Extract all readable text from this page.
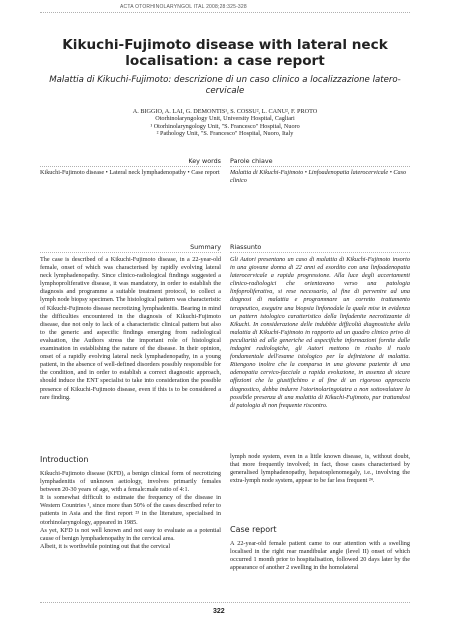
ACTA OTORHINOLARYNGOL ITAL 2008;28:325-328
Kikuchi-Fujimoto disease with lateral neck localisation: a case report
Malattia di Kikuchi-Fujimoto: descrizione di un caso clinico a localizzazione latero-cervicale
A. BIGGIO, A. LAI, G. DEMONTIS¹, S. COSSU², L. CANU², F. PROTO
Otorhinolaryngology Unit, University Hospital, Cagliari
¹ Otorhinolaryngology Unit, "S. Francesco" Hospital, Nuoro
² Pathology Unit, "S. Francesco" Hospital, Nuoro, Italy
Key words
Kikuchi-Fujimoto disease • Lateral neck lymphadenopathy • Case report
Parole chiave
Malattia di Kikuchi-Fujimoto • Linfoadenopatia laterocervicale • Caso clinico
Summary

The case is described of a Kikuchi-Fujimoto disease, in a 22-year-old female, onset of which was characterised by rapidly evolving lateral neck lymphadenopathy. Since clinico-radiological findings suggested a lymphoproliferative disease, it was mandatory, in order to establish the diagnosis and programme a suitable treatment protocol, to collect a lymph node biopsy specimen. The histological pattern was characteristic of Kikuchi-Fujimoto disease necrotizing lymphadenitis. Bearing in mind the difficulties encountered in the diagnosis of Kikuchi-Fujimoto disease, due not only to lack of a characteristic clinical pattern but also to the generic and aspecific findings emerging from radiological evaluation, the Authors stress the important role of histological examination in establishing the nature of the disease. In their opinion, onset of a rapidly evolving lateral neck lymphadenopathy, in a young patient, in the absence of well-defined disorders possibly responsible for the condition, and in order to establish a correct diagnostic approach, should induce the ENT specialist to take into consideration the possible presence of Kikuchi-Fujimoto disease, even if this is to be considered a rare finding.

Riassunto

Gli Autori presentano un caso di malattia di Kikuchi-Fujimoto insorto in una giovane donna di 22 anni ed esordito con una linfoadenopatia laterocervicale a rapida progressione. Alla luce degli accertamenti clinico-radiologici che orientavano verso una patologia linfoproliferativa, si rese necessario, al fine di pervenire ad una diagnosi di malattia e programmare un corretto trattamento terapeutico, eseguire una biopsia linfonodale la quale mise in evidenza un pattern istologico caratteristico della linfadenite necrotizzante di Kikuchi. In considerazione delle indubbie difficoltà diagnostiche della malattia di Kikuchi-Fujimoto in rapporto ad un quadro clinico privo di peculiarità ed alle generiche ed aspecifiche informazioni fornite dalle indagini radiologiche, gli Autori mettono in risalto il ruolo fondamentale dell'esame istologico per la definizione di malattia. Ritengono inoltre che la comparsa in una giovane paziente di una adenopatia cervico-facciale a rapida evoluzione, in assenza di sicure affezioni che la giustifichino e al fine di un rigoroso approccio diagnostico, debba indurre l'otorinolaringoiatra a non sottovalutare la possibile presenza di una malattia di Kikuchi-Fujimoto, pur trattandosi di patologia di non frequente riscontro.

Introduction

Kikuchi-Fujimoto disease (KFD), a benign clinical form of necrotizing lymphadenitis of unknown aetiology, involves primarily females between 20-30 years of age, with a female:male ratio of 4:1.

It is somewhat difficult to estimate the frequency of the disease in Western Countries ¹, since more than 50% of the cases described refer to patients in Asia and the first report ²³ in the literature, specialised in otorhinolaryngology, appeared in 1985.

As yet, KFD is not well known and not easy to evaluate as a potential cause of benign lymphadenopathy in the cervical area.

Albeit, it is worthwhile pointing out that the cervical

lymph node system, even in a little known disease, is, without doubt, that more frequently involved; in fact, those cases characterised by generalised lymphadenopathy, hepatosplenomegaly, i.e., involving the extra-lymph node system, appear to be far less frequent ²⁴.

Case report

A 22-year-old female patient came to our attention with a swelling localised in the right rear mandibular angle (level II) onset of which occurred 1 month prior to hospitalisation, followed 20 days later by the appearance of another 2 swelling in the homolateral

322
